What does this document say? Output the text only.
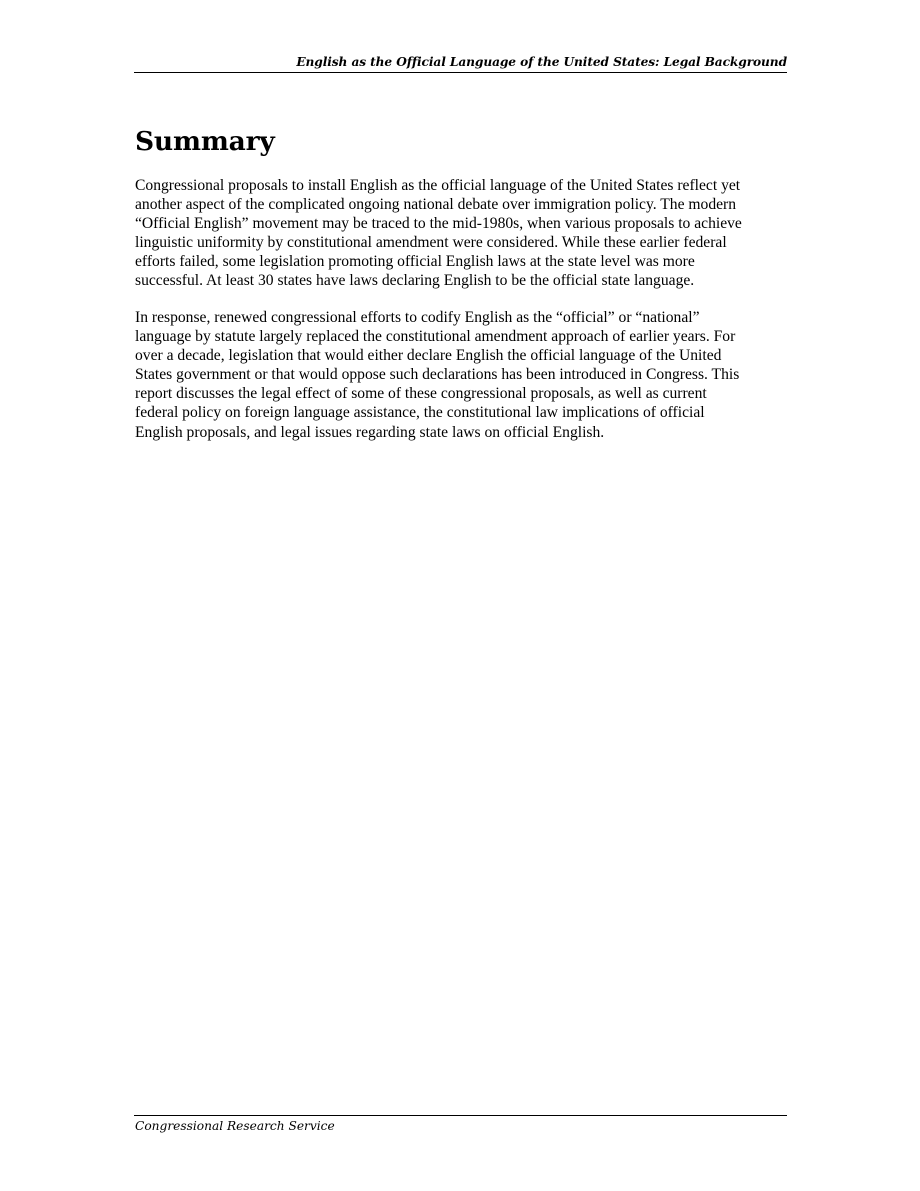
English as the Official Language of the United States: Legal Background
Summary

Congressional proposals to install English as the official language of the United States reflect yet
another aspect of the complicated ongoing national debate over immigration policy. The modern
“Official English” movement may be traced to the mid-1980s, when various proposals to achieve
linguistic uniformity by constitutional amendment were considered. While these earlier federal
efforts failed, some legislation promoting official English laws at the state level was more
successful. At least 30 states have laws declaring English to be the official state language.

In response, renewed congressional efforts to codify English as the “official” or “national”
language by statute largely replaced the constitutional amendment approach of earlier years. For
over a decade, legislation that would either declare English the official language of the United
States government or that would oppose such declarations has been introduced in Congress. This
report discusses the legal effect of some of these congressional proposals, as well as current
federal policy on foreign language assistance, the constitutional law implications of official
English proposals, and legal issues regarding state laws on official English.

Congressional Research Service
